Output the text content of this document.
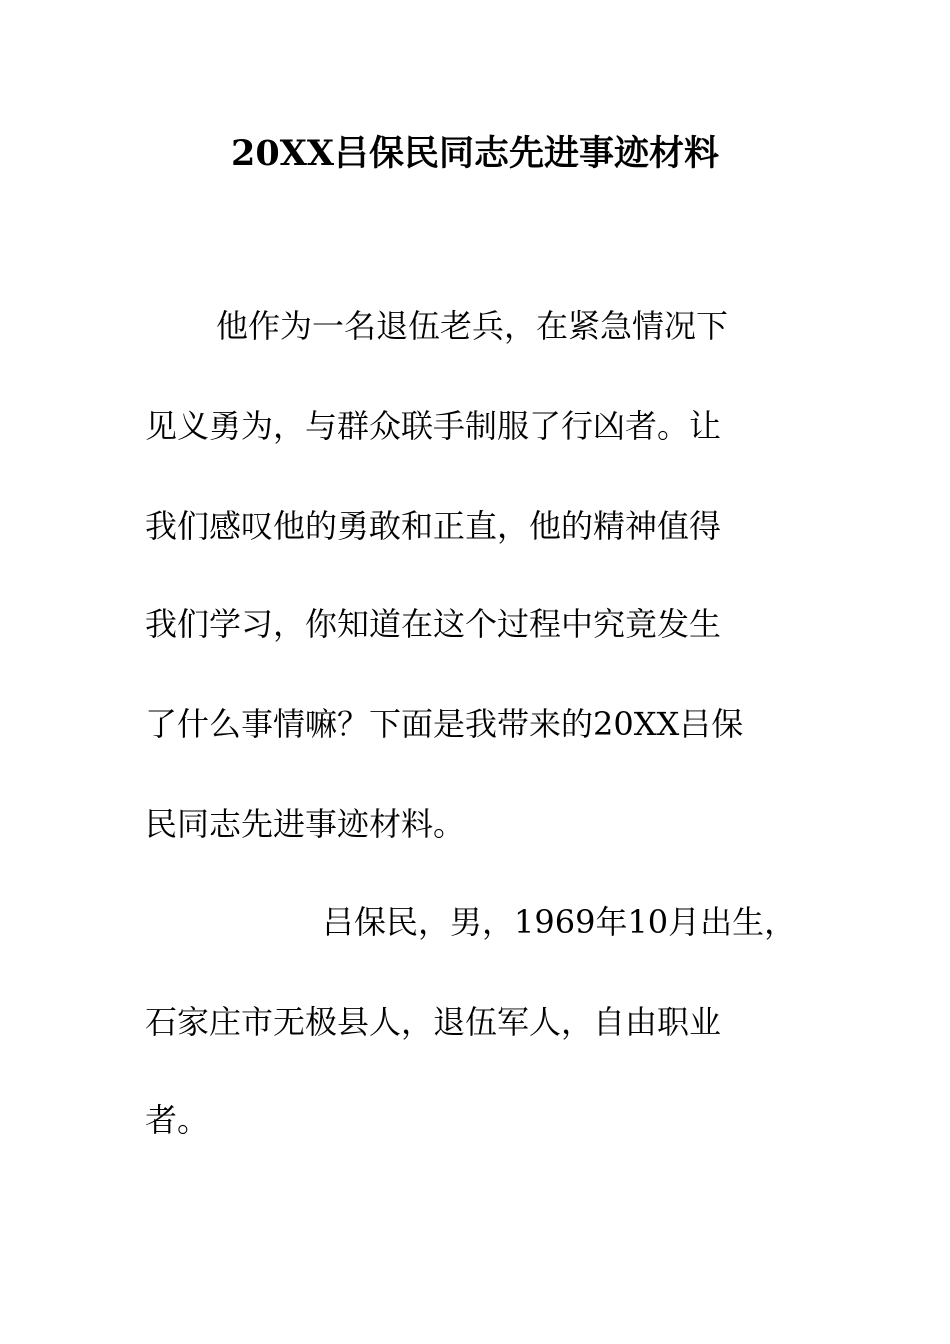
20XX吕保民同志先进事迹材料

他作为一名退伍老兵，在紧急情况下

见义勇为，与群众联手制服了行凶者。让

我们感叹他的勇敢和正直，他的精神值得

我们学习，你知道在这个过程中究竟发生

了什么事情嘛？下面是我带来的20XX吕保

民同志先进事迹材料。

吕保民，男，1969年10月出生，

石家庄市无极县人，退伍军人，自由职业

者。
